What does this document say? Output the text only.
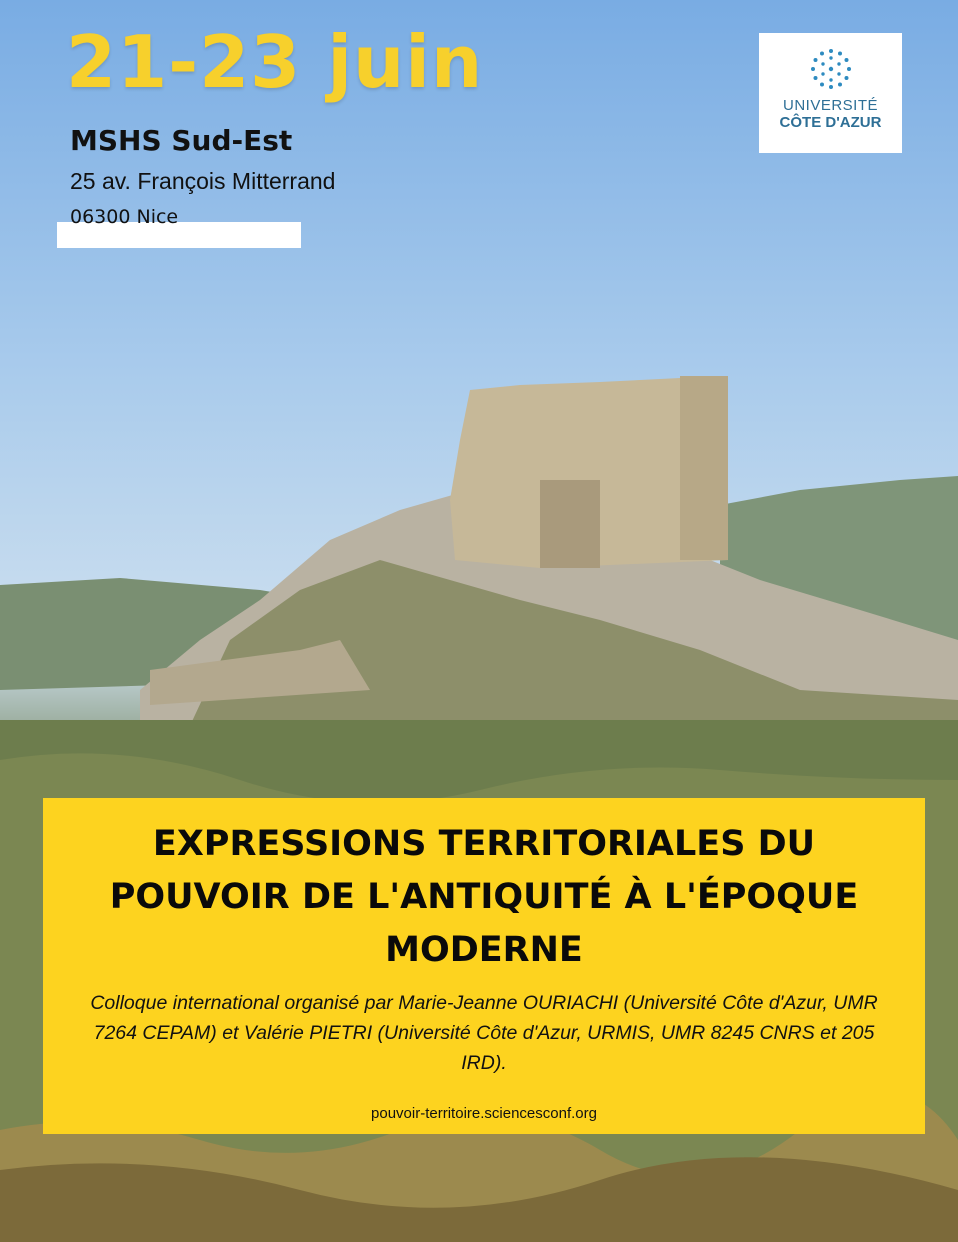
21-23 juin
MSHS Sud-Est
25 av. François Mitterrand
06300 Nice
UNIVERSITÉ
CÔTE D'AZUR
EXPRESSIONS TERRITORIALES DU POUVOIR DE L'ANTIQUITÉ À L'ÉPOQUE MODERNE
Colloque international organisé par Marie-Jeanne OURIACHI (Université Côte d'Azur, UMR 7264 CEPAM) et Valérie PIETRI (Université Côte d'Azur, URMIS, UMR 8245 CNRS et 205 IRD).
pouvoir-territoire.sciencesconf.org
